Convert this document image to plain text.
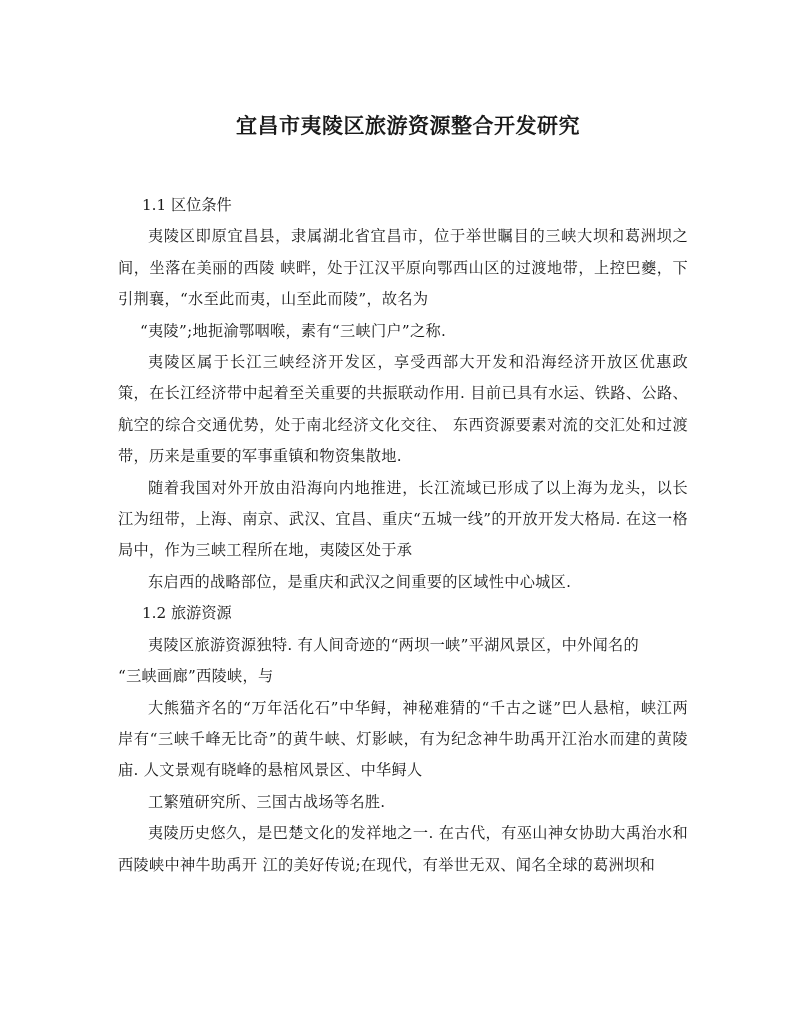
宜昌市夷陵区旅游资源整合开发研究

1.1 区位条件

夷陵区即原宜昌县，隶属湖北省宜昌市，位于举世瞩目的三峡大坝和葛洲坝之间，坐落在美丽的西陵 峡畔，处于江汉平原向鄂西山区的过渡地带，上控巴夔，下引荆襄，“水至此而夷，山至此而陵”，故名为

“夷陵”;地扼渝鄂咽喉，素有“三峡门户”之称.

夷陵区属于长江三峡经济开发区，享受西部大开发和沿海经济开放区优惠政策，在长江经济带中起着至关重要的共振联动作用. 目前已具有水运、铁路、公路、航空的综合交通优势，处于南北经济文化交往、 东西资源要素对流的交汇处和过渡带，历来是重要的军事重镇和物资集散地.

随着我国对外开放由沿海向内地推进，长江流域已形成了以上海为龙头，以长江为纽带，上海、南京、武汉、宜昌、重庆“五城一线”的开放开发大格局. 在这一格局中，作为三峡工程所在地，夷陵区处于承

东启西的战略部位，是重庆和武汉之间重要的区域性中心城区.

1.2 旅游资源

夷陵区旅游资源独特. 有人间奇迹的“两坝一峡”平湖风景区，中外闻名的

“三峡画廊”西陵峡，与

大熊猫齐名的“万年活化石”中华鲟，神秘难猜的“千古之谜”巴人悬棺，峡江两岸有“三峡千峰无比奇”的黄牛峡、灯影峡，有为纪念神牛助禹开江治水而建的黄陵庙. 人文景观有晓峰的悬棺风景区、中华鲟人

工繁殖研究所、三国古战场等名胜.

夷陵历史悠久，是巴楚文化的发祥地之一. 在古代，有巫山神女协助大禹治水和西陵峡中神牛助禹开 江的美好传说;在现代，有举世无双、闻名全球的葛洲坝和
